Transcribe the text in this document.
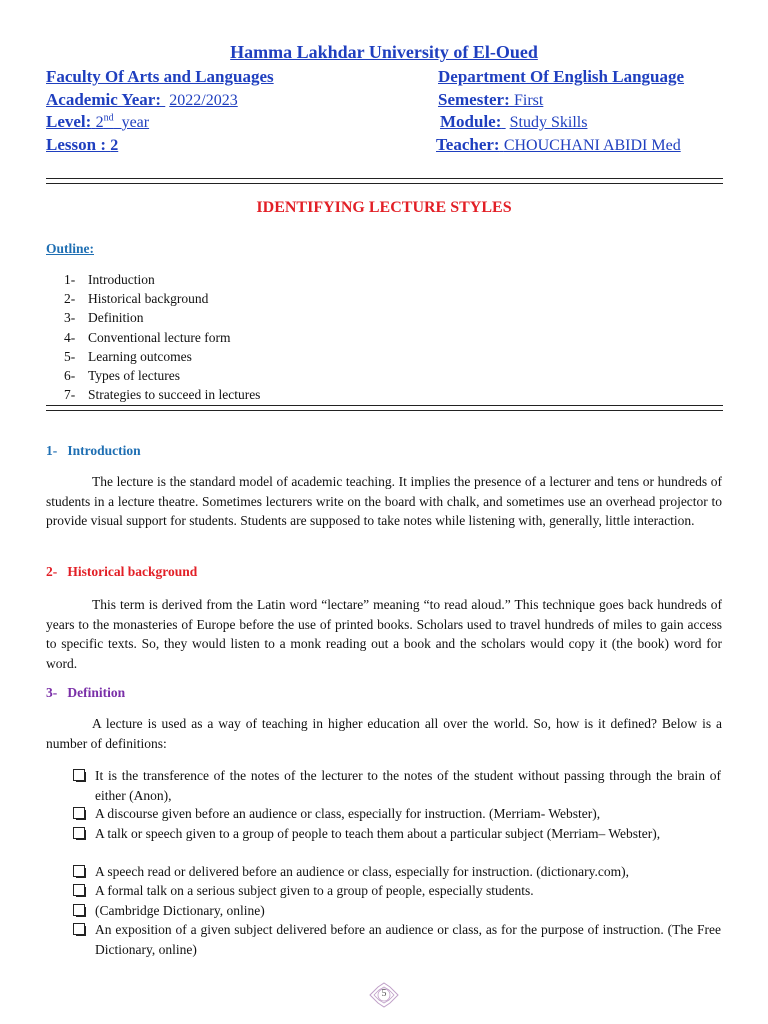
Hamma Lakhdar University of El-Oued
Faculty Of Arts and Languages	Department Of English Language
Academic Year: 2022/2023	Semester: First
Level: 2nd year	Module: Study Skills
Lesson : 2	Teacher: CHOUCHANI ABIDI Med
IDENTIFYING LECTURE STYLES
Outline:
1- Introduction
2- Historical background
3- Definition
4- Conventional lecture form
5- Learning outcomes
6- Types of lectures
7- Strategies to succeed in lectures
1-   Introduction

The lecture is the standard model of academic teaching. It implies the presence of a lecturer and tens or hundreds of students in a lecture theatre. Sometimes lecturers write on the board with chalk, and sometimes use an overhead projector to provide visual support for students. Students are supposed to take notes while listening with, generally, little interaction.

2-   Historical background

This term is derived from the Latin word “lectare” meaning “to read aloud.” This technique goes back hundreds of years to the monasteries of Europe before the use of printed books. Scholars used to travel hundreds of miles to gain access to specific texts. So, they would listen to a monk reading out a book and the scholars would copy it (the book) word for word.

3-   Definition

A lecture is used as a way of teaching in higher education all over the world. So, how is it defined? Below is a number of definitions:

It is the transference of the notes of the lecturer to the notes of the student without passing through the brain of either (Anon),
A discourse given before an audience or class, especially for instruction. (Merriam- Webster),
A talk or speech given to a group of people to teach them about a particular subject (Merriam– Webster),
A speech read or delivered before an audience or class, especially for instruction. (dictionary.com),
A formal talk on a serious subject given to a group of people, especially students.
(Cambridge Dictionary, online)
An exposition of a given subject delivered before an audience or class, as for the purpose of instruction. (The Free Dictionary, online)
5
